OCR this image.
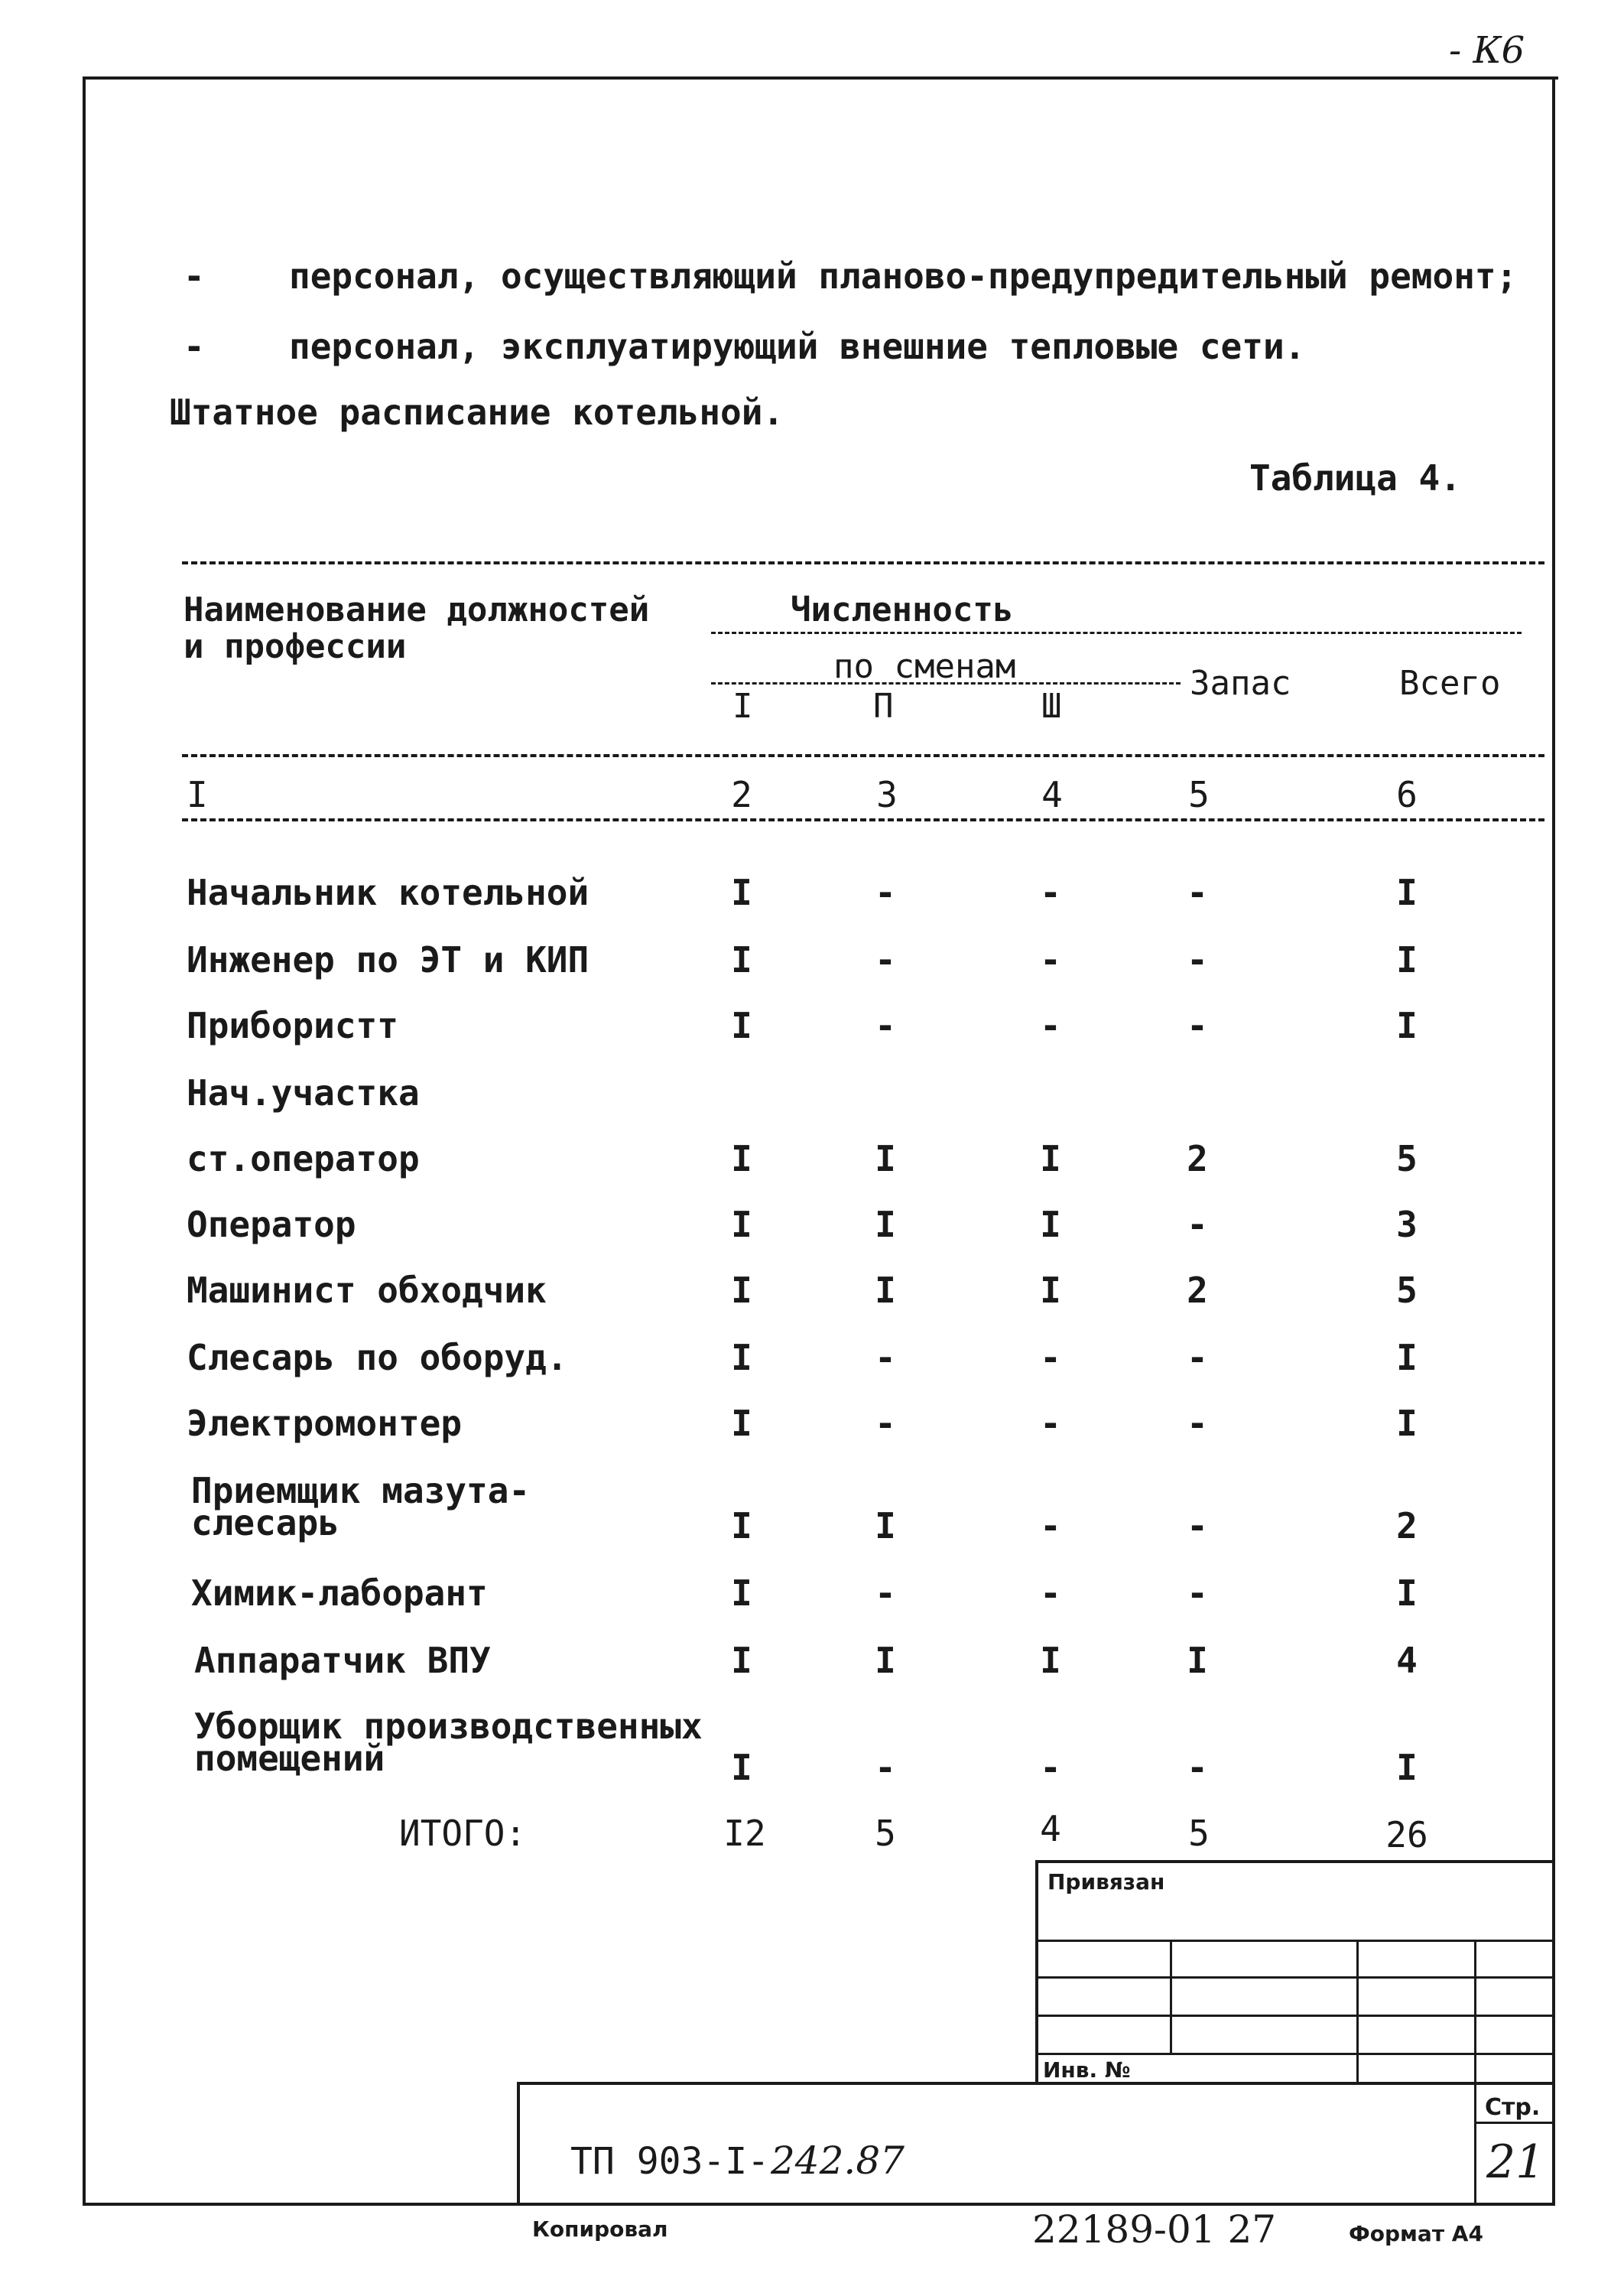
- К6
- персонал, осуществляющий планово-предупредительный ремонт;
- персонал, эксплуатирующий внешние тепловые сети.
Штатное расписание котельной.
Таблица 4.
Наименование должностей
и профессии
Численность
по сменам
I	П	Ш
Запас	Всего
I	2	3	4	5	6
Начальник котельной	I	-	-	-	I
Инженер по ЭТ и КИП	I	-	-	-	I
Прибористт	I	-	-	-	I
Нач.участка
ст.оператор	I	I	I	2	5
Оператор	I	I	I	-	3
Машинист обходчик	I	I	I	2	5
Слесарь по оборуд.	I	-	-	-	I
Электромонтер	I	-	-	-	I
Приемщик мазута-
слесарь	I	I	-	-	2
Химик-лаборант	I	-	-	-	I
Аппаратчик ВПУ	I	I	I	I	4
Уборщик производственных
помещений	I	-	-	-	I
ИТОГО:	I2	5	4	5	26
Привязан
Инв. №
ТП 903-I- 242.87
Стр.
21
Копировал	22189-01 27	Формат А4
